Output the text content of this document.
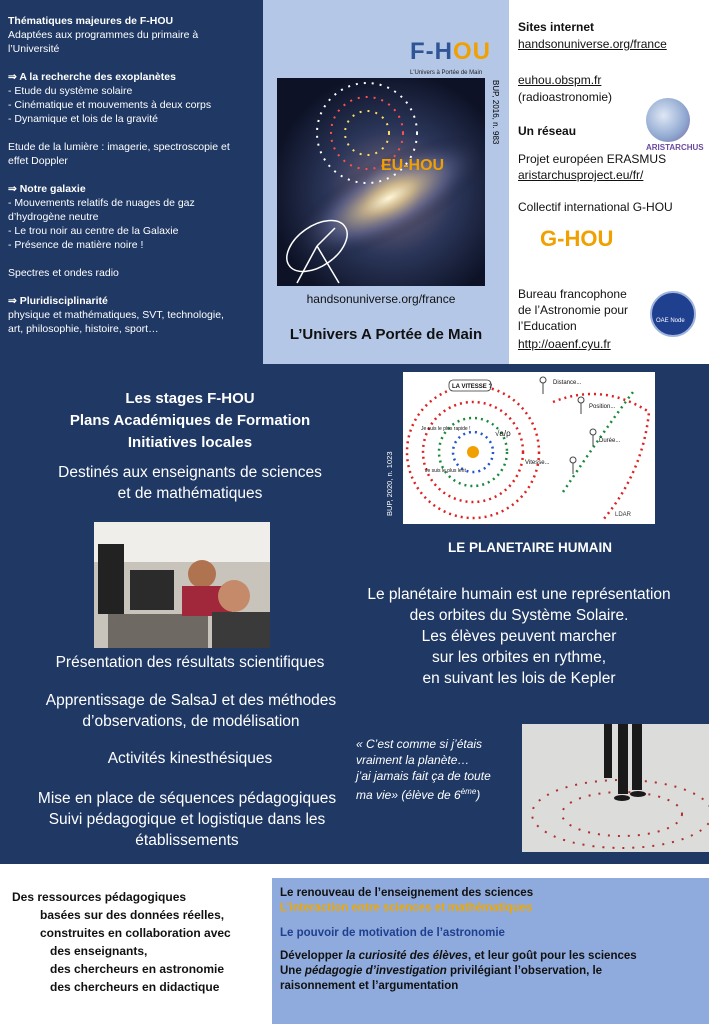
Thématiques majeures de F-HOU
Adaptées aux programmes du primaire à
l’Université
⇒ A la recherche des exoplanètes
- Etude du système solaire
- Cinématique et mouvements à deux corps
- Dynamique et lois de la gravité
Etude de la lumière : imagerie, spectroscopie et
effet Doppler
⇒ Notre galaxie
- Mouvements relatifs de nuages de gaz
d’hydrogène neutre
- Le trou noir au centre de la Galaxie
- Présence de matière noire !
Spectres et ondes radio
⇒ Pluridisciplinarité
physique et mathématiques, SVT, technologie,
art, philosophie, histoire, sport…
F-HOU
L'Univers à Portée de Main
EU-HOU
BUP, 2016, n. 983
handsonuniverse.org/france
L’Univers A Portée de Main
Sites internet
handsonuniverse.org/france
euhou.obspm.fr
(radioastronomie)
ARISTARCHUS
Un réseau
Projet européen ERASMUS
aristarchusproject.eu/fr/
Collectif international G-HOU
G-HOU
Bureau francophone
de l’Astronomie pour
l’Education
http://oaenf.cyu.fr
OAE Node
Les stages F-HOU
Plans Académiques de Formation
Initiatives locales
Destinés aux enseignants de sciences
et de mathématiques
Présentation des résultats scientifiques
Apprentissage de SalsaJ et des méthodes
d’observations, de modélisation
Activités kinesthésiques
Mise en place de séquences pédagogiques
Suivi pédagogique et logistique dans les
établissements
BUP, 2020, n. 1023
LA VITESSE ?
Distance...
Position...
Durée...
Vitesse...
Je suis le plus rapide !
Je suis le plus lent
√a/ρ
LDAR
LE PLANETAIRE HUMAIN
Le planétaire humain est une représentation
des orbites du Système Solaire.
Les élèves peuvent marcher
sur les orbites en rythme,
en suivant les lois de Kepler
« C’est comme si j’étais
vraiment la planète…
j’ai jamais fait ça de toute
ma vie» (élève de 6ème)
Des ressources pédagogiques
basées sur des données réelles,
construites en collaboration avec
des enseignants,
des chercheurs en astronomie
des chercheurs en didactique
Le renouveau de l’enseignement des sciences
L’interaction entre sciences et mathématiques
Le pouvoir de motivation de l’astronomie
Développer la curiosité des élèves, et leur goût pour les sciences
Une pédagogie d’investigation privilégiant l’observation, le
raisonnement et l’argumentation
